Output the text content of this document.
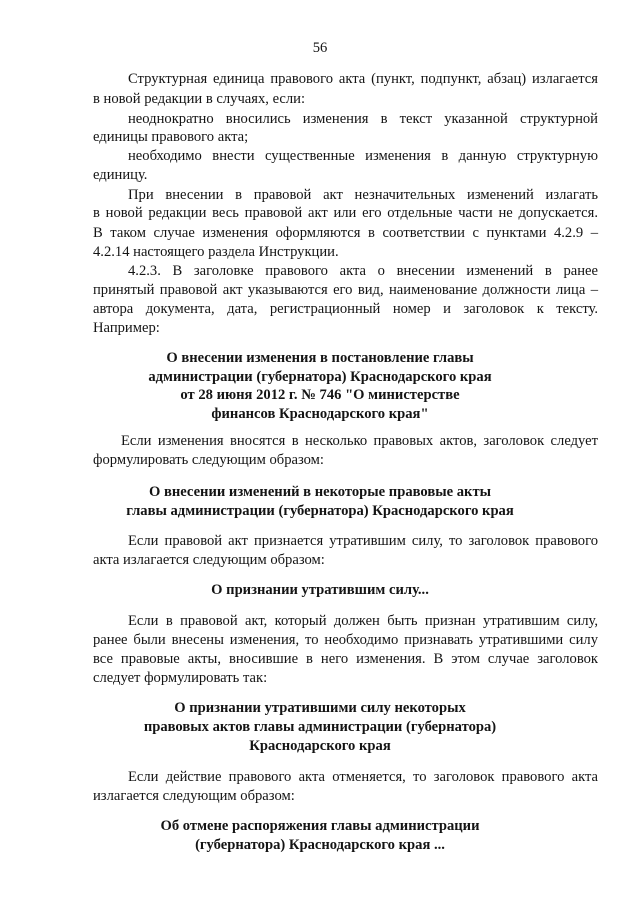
56
Структурная единица правового акта (пункт, подпункт, абзац) излагается
в новой редакции в случаях, если:
неоднократно вносились изменения в текст указанной структурной
единицы правового акта;
необходимо внести существенные изменения в данную структурную
единицу.
При внесении в правовой акт незначительных изменений излагать
в новой редакции весь правовой акт или его отдельные части не допускается.
В таком случае изменения оформляются в соответствии с пунктами 4.2.9 –
4.2.14 настоящего раздела Инструкции.
4.2.3. В заголовке правового акта о внесении изменений в ранее
принятый правовой акт указываются его вид, наименование должности лица –
автора документа, дата, регистрационный номер и заголовок к тексту.
Например:
О внесении изменения в постановление главы
администрации (губернатора) Краснодарского края
от 28 июня 2012 г. № 746 "О министерстве
финансов Краснодарского края"
Если изменения вносятся в несколько правовых актов, заголовок следует
формулировать следующим образом:
О внесении изменений в некоторые правовые акты
главы администрации (губернатора) Краснодарского края
Если правовой акт признается утратившим силу, то заголовок правового
акта излагается следующим образом:
О признании утратившим силу...
Если в правовой акт, который должен быть признан утратившим силу,
ранее были внесены изменения, то необходимо признавать утратившими силу
все правовые акты, вносившие в него изменения. В этом случае заголовок
следует формулировать так:
О признании утратившими силу некоторых
правовых актов главы администрации (губернатора)
Краснодарского края
Если действие правового акта отменяется, то заголовок правового акта
излагается следующим образом:
Об отмене распоряжения главы администрации
(губернатора) Краснодарского края ...
